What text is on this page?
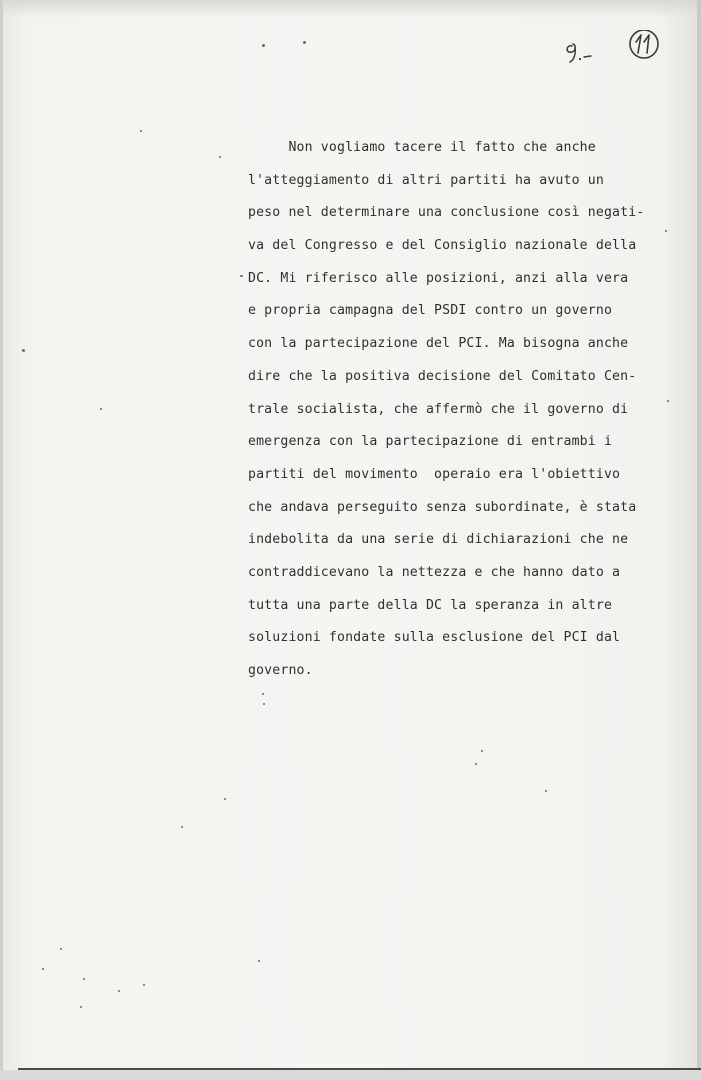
Non vogliamo tacere il fatto che anche
l'atteggiamento di altri partiti ha avuto un
peso nel determinare una conclusione così negati-
va del Congresso e del Consiglio nazionale della
DC. Mi riferisco alle posizioni, anzi alla vera
e propria campagna del PSDI contro un governo
con la partecipazione del PCI. Ma bisogna anche
dire che la positiva decisione del Comitato Cen-
trale socialista, che affermò che il governo di
emergenza con la partecipazione di entrambi i
partiti del movimento  operaio era l'obiettivo
che andava perseguito senza subordinate, è stata
indebolita da una serie di dichiarazioni che ne
contraddicevano la nettezza e che hanno dato a
tutta una parte della DC la speranza in altre
soluzioni fondate sulla esclusione del PCI dal
governo.
